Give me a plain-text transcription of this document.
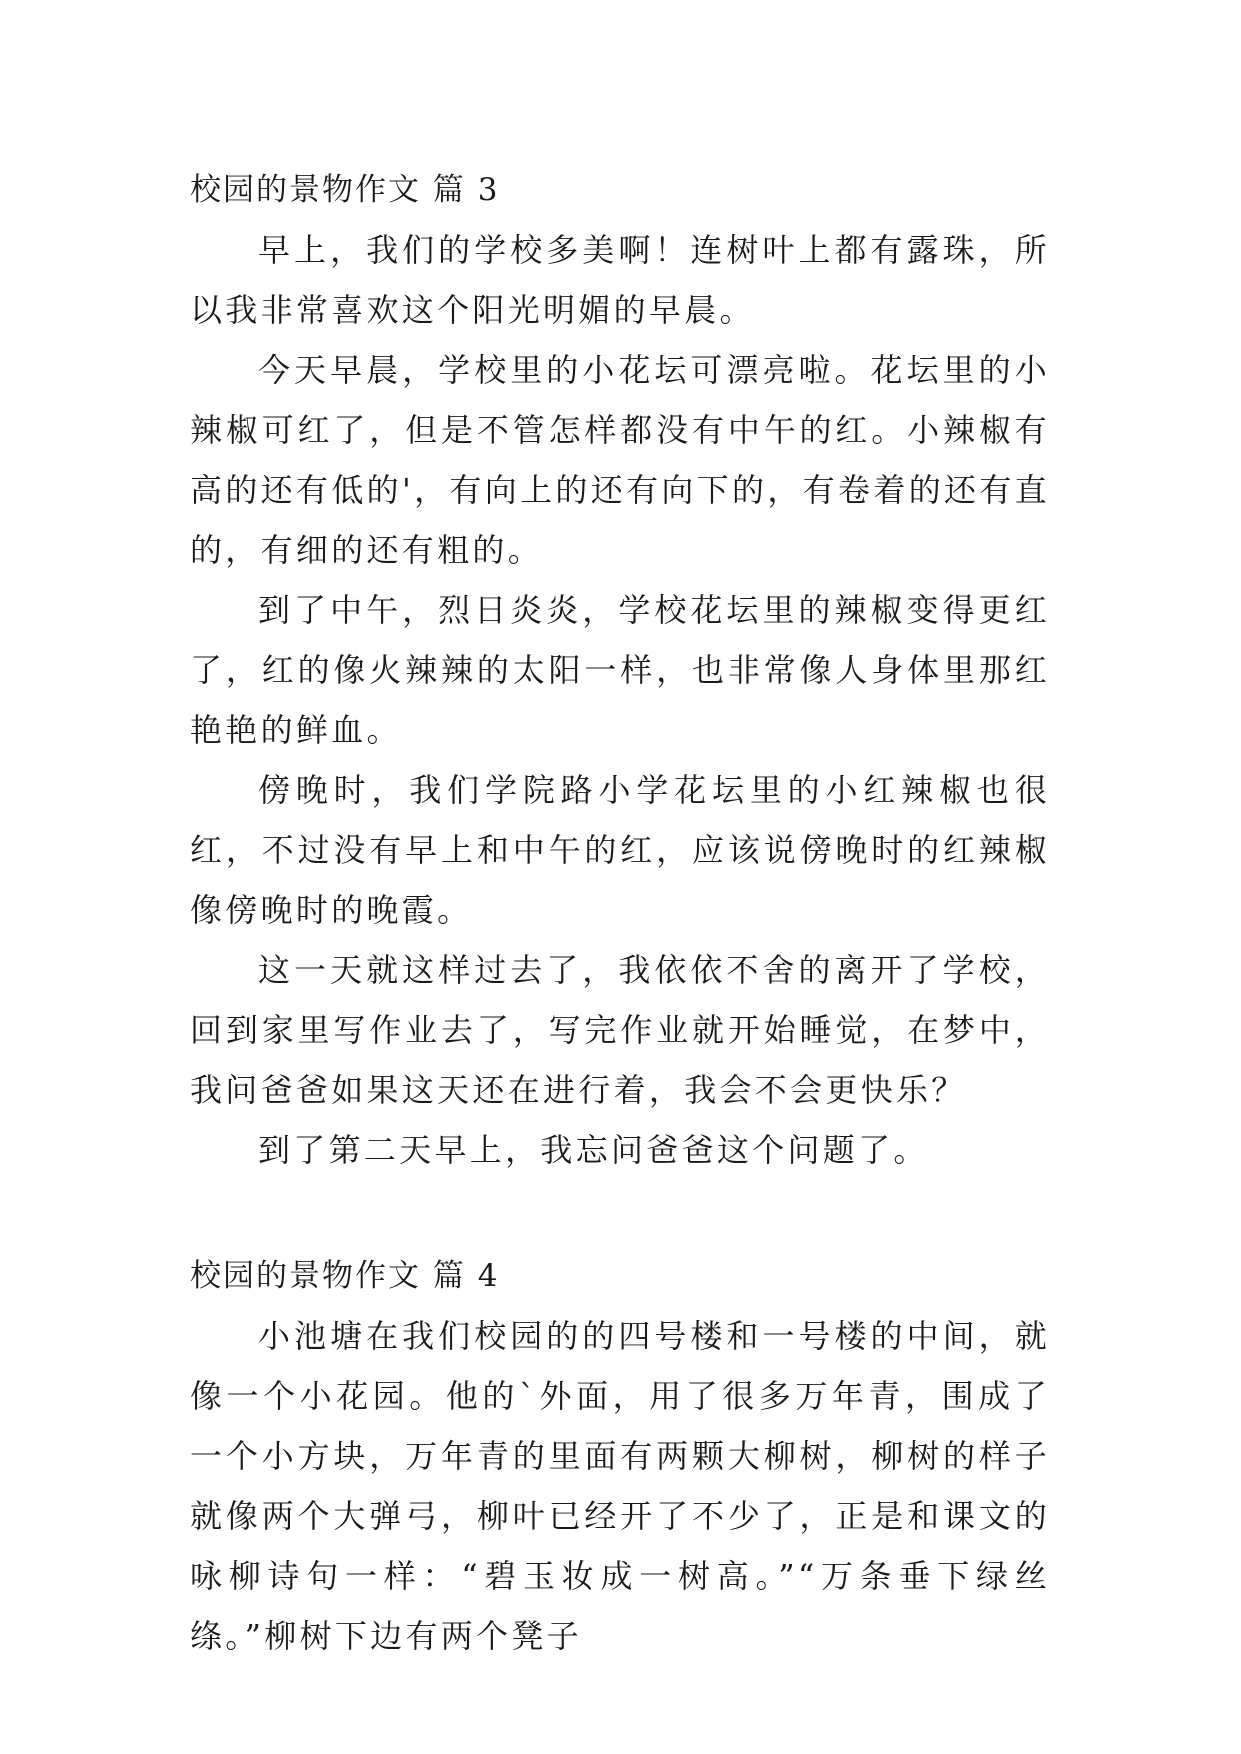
校园的景物作文 篇 3

早上，我们的学校多美啊！连树叶上都有露珠，所以我非常喜欢这个阳光明媚的早晨。

今天早晨，学校里的小花坛可漂亮啦。花坛里的小辣椒可红了，但是不管怎样都没有中午的红。小辣椒有高的还有低的'，有向上的还有向下的，有卷着的还有直的，有细的还有粗的。

到了中午，烈日炎炎，学校花坛里的辣椒变得更红了，红的像火辣辣的太阳一样，也非常像人身体里那红艳艳的鲜血。

傍晚时，我们学院路小学花坛里的小红辣椒也很红，不过没有早上和中午的红，应该说傍晚时的红辣椒像傍晚时的晚霞。

这一天就这样过去了，我依依不舍的离开了学校，回到家里写作业去了，写完作业就开始睡觉，在梦中，我问爸爸如果这天还在进行着，我会不会更快乐？

到了第二天早上，我忘问爸爸这个问题了。

校园的景物作文 篇 4

小池塘在我们校园的的四号楼和一号楼的中间，就像一个小花园。他的`外面，用了很多万年青，围成了一个小方块，万年青的里面有两颗大柳树，柳树的样子就像两个大弹弓，柳叶已经开了不少了，正是和课文的咏柳诗句一样：“碧玉妆成一树高。”“万条垂下绿丝绦。”柳树下边有两个凳子
